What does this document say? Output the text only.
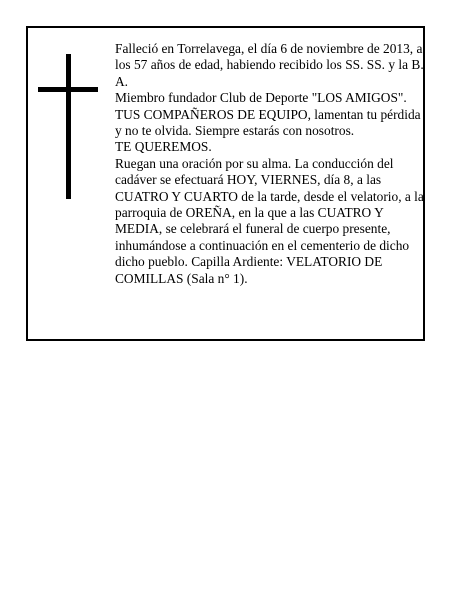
Falleció en Torrelavega, el día 6 de noviembre de 2013, a los 57 años de edad, habiendo recibido los SS. SS. y la B. A.

Miembro fundador Club de Deporte "LOS AMIGOS".

TUS COMPAÑEROS DE EQUIPO, lamentan tu pérdida y no te olvida. Siempre estarás con nosotros.

TE QUEREMOS.

Ruegan una oración por su alma. La conducción del cadáver se efectuará HOY, VIERNES, día 8, a las CUATRO Y CUARTO de la tarde, desde el velatorio, a la parroquia de OREÑA, en la que a las CUATRO Y MEDIA, se celebrará el funeral de cuerpo presente, inhumándose a continuación en el cementerio de dicho dicho pueblo. Capilla Ardiente: VELATORIO DE COMILLAS (Sala n° 1).
